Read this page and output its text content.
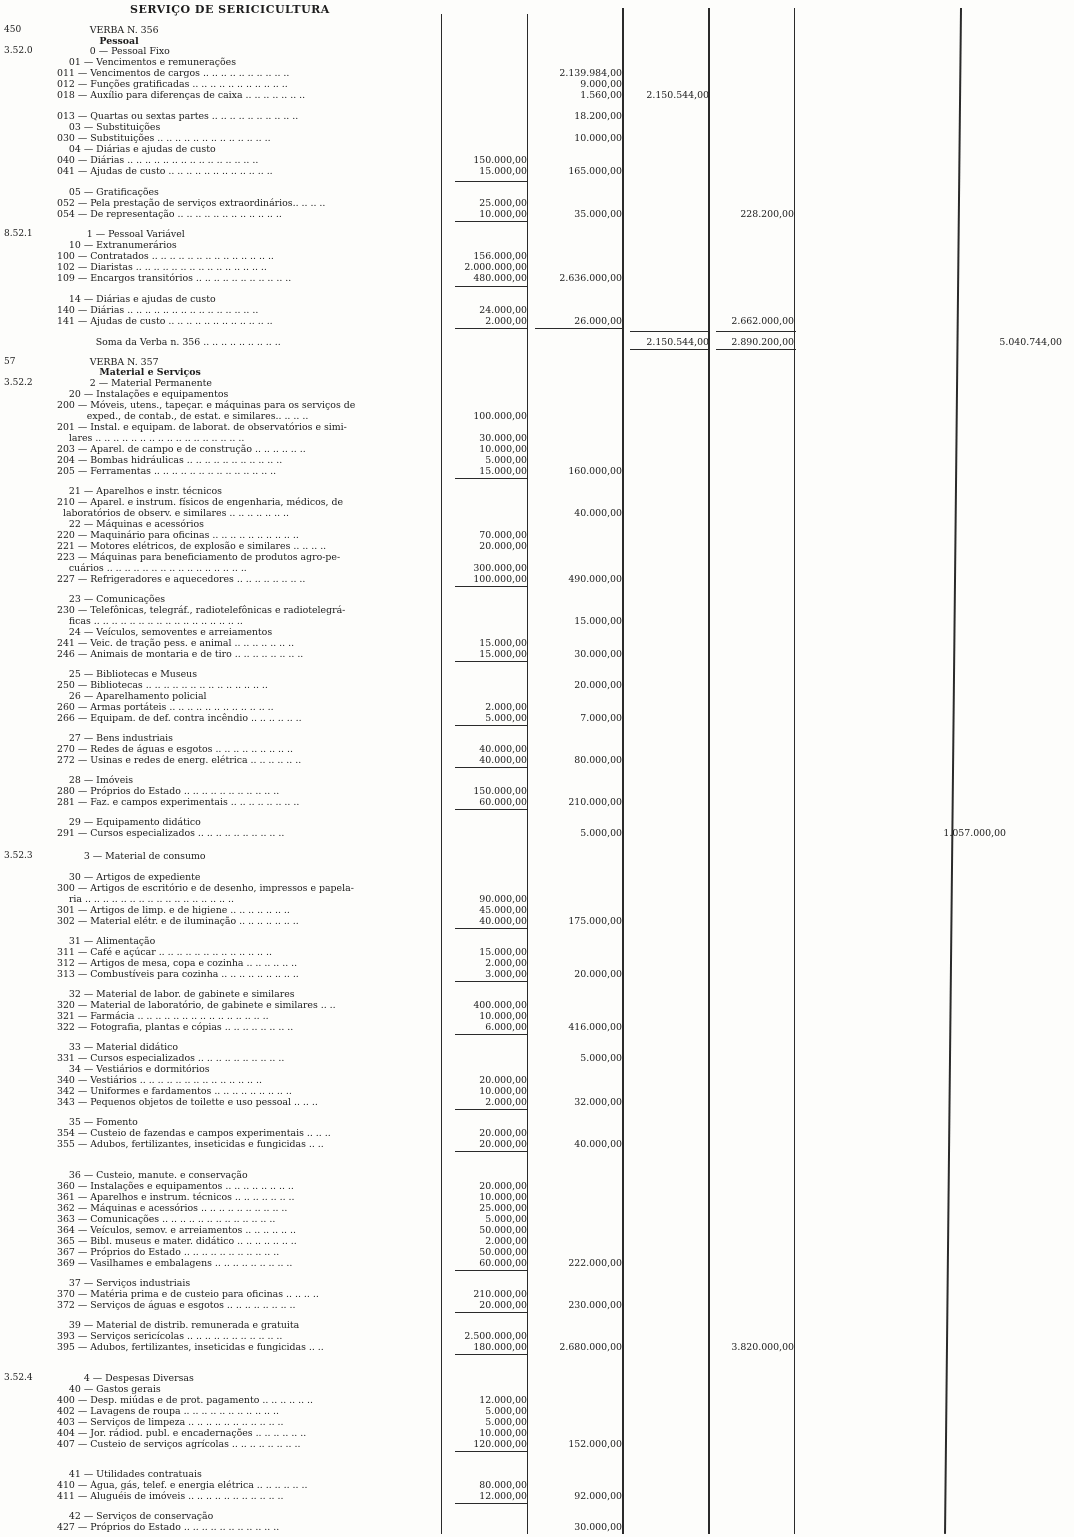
SERVIÇO DE SERICICULTURA
450	VERBA N. 356
Pessoal
3.52.0	0 — Pessoal Fixo
01 — Vencimentos e remunerações
011 — Vencimentos de cargos .. .. .. .. .. .. .. .. .. ..	2.139.984,00
012 — Funções gratificadas .. .. .. .. .. .. .. .. .. .. ..	9.000,00
018 — Auxílio para diferenças de caixa .. .. .. .. .. .. ..	1.560,00	2.150.544,00
013 — Quartas ou sextas partes .. .. .. .. .. .. .. .. .. ..	18.200,00
03 — Substituições
030 — Substituições .. .. .. .. .. .. .. .. .. .. .. .. ..	10.000,00
04 — Diárias e ajudas de custo
040 — Diárias .. .. .. .. .. .. .. .. .. .. .. .. .. .. ..	150.000,00
041 — Ajudas de custo .. .. .. .. .. .. .. .. .. .. .. ..	15.000,00	165.000,00
05 — Gratificações
052 — Pela prestação de serviços extraordinários.. .. .. ..	25.000,00
054 — De representação .. .. .. .. .. .. .. .. .. .. .. ..	10.000,00	35.000,00	228.200,00
8.52.1	1 — Pessoal Variável
10 — Extranumerários
100 — Contratados .. .. .. .. .. .. .. .. .. .. .. .. .. ..	156.000,00
102 — Diaristas .. .. .. .. .. .. .. .. .. .. .. .. .. .. ..	2.000.000,00
109 — Encargos transitórios .. .. .. .. .. .. .. .. .. .. ..	480.000,00	2.636.000,00
14 — Diárias e ajudas de custo
140 — Diárias .. .. .. .. .. .. .. .. .. .. .. .. .. .. ..	24.000,00
141 — Ajudas de custo .. .. .. .. .. .. .. .. .. .. .. ..	2.000,00	26.000,00	2.662.000,00
Soma da Verba n. 356 .. .. .. .. .. .. .. .. ..	2.150.544,00	2.890.200,00	5.040.744,00
57	VERBA N. 357
Material e Serviços
3.52.2	2 — Material Permanente
20 — Instalações e equipamentos
200 — Móveis, utens., tapeçar. e máquinas para os serviços de
exped., de contab., de estat. e similares.. .. .. ..	100.000,00
201 — Instal. e equipam. de laborat. de observatórios e simi-
lares .. .. .. .. .. .. .. .. .. .. .. .. .. .. .. .. ..	30.000,00
203 — Aparel. de campo e de construção .. .. .. .. .. ..	10.000,00
204 — Bombas hidráulicas .. .. .. .. .. .. .. .. .. .. ..	5.000,00
205 — Ferramentas .. .. .. .. .. .. .. .. .. .. .. .. .. ..	15.000,00	160.000,00
21 — Aparelhos e instr. técnicos
210 — Aparel. e instrum. físicos de engenharia, médicos, de
laboratórios de observ. e similares .. .. .. .. .. .. ..	40.000,00
22 — Máquinas e acessórios
220 — Maquinário para oficinas .. .. .. .. .. .. .. .. .. ..	70.000,00
221 — Motores elétricos, de explosão e similares .. .. .. ..	20.000,00
223 — Máquinas para beneficiamento de produtos agro-pe-
cuários .. .. .. .. .. .. .. .. .. .. .. .. .. .. .. ..	300.000,00
227 — Refrigeradores e aquecedores .. .. .. .. .. .. .. ..	100.000,00	490.000,00
23 — Comunicações
230 — Telefônicas, telegráf., radiotelefônicas e radiotelegrá-
ficas .. .. .. .. .. .. .. .. .. .. .. .. .. .. .. .. ..	15.000,00
24 — Veículos, semoventes e arreiamentos
241 — Veic. de tração pess. e animal .. .. .. .. .. .. ..	15.000,00
246 — Animais de montaria e de tiro .. .. .. .. .. .. .. ..	15.000,00	30.000,00
25 — Bibliotecas e Museus
250 — Bibliotecas .. .. .. .. .. .. .. .. .. .. .. .. .. ..	20.000,00
26 — Aparelhamento policial
260 — Armas portáteis .. .. .. .. .. .. .. .. .. .. .. ..	2.000,00
266 — Equipam. de def. contra incêndio .. .. .. .. .. ..	5.000,00	7.000,00
27 — Bens industriais
270 — Redes de águas e esgotos .. .. .. .. .. .. .. .. ..	40.000,00
272 — Usinas e redes de energ. elétrica .. .. .. .. .. ..	40.000,00	80.000,00
28 — Imóveis
280 — Próprios do Estado .. .. .. .. .. .. .. .. .. .. ..	150.000,00
281 — Faz. e campos experimentais .. .. .. .. .. .. .. ..	60.000,00	210.000,00
29 — Equipamento didático
291 — Cursos especializados .. .. .. .. .. .. .. .. .. ..	5.000,00	1.057.000,00
3.52.3	3 — Material de consumo
30 — Artigos de expediente
300 — Artigos de escritório e de desenho, impressos e papela-
ria .. .. .. .. .. .. .. .. .. .. .. .. .. .. .. .. ..	90.000,00
301 — Artigos de limp. e de higiene .. .. .. .. .. .. ..	45.000,00
302 — Material elétr. e de iluminação .. .. .. .. .. .. ..	40.000,00	175.000,00
31 — Alimentação
311 — Café e açúcar .. .. .. .. .. .. .. .. .. .. .. .. ..	15.000,00
312 — Artigos de mesa, copa e cozinha .. .. .. .. .. ..	2.000,00
313 — Combustíveis para cozinha .. .. .. .. .. .. .. .. ..	3.000,00	20.000,00
32 — Material de labor. de gabinete e similares
320 — Material de laboratório, de gabinete e similares .. ..	400.000,00
321 — Farmácia .. .. .. .. .. .. .. .. .. .. .. .. .. .. ..	10.000,00
322 — Fotografia, plantas e cópias .. .. .. .. .. .. .. ..	6.000,00	416.000,00
33 — Material didático
331 — Cursos especializados .. .. .. .. .. .. .. .. .. ..	5.000,00
34 — Vestiários e dormitórios
340 — Vestiários .. .. .. .. .. .. .. .. .. .. .. .. .. ..	20.000,00
342 — Uniformes e fardamentos .. .. .. .. .. .. .. .. ..	10.000,00
343 — Pequenos objetos de toilette e uso pessoal .. .. ..	2.000,00	32.000,00
35 — Fomento
354 — Custeio de fazendas e campos experimentais .. .. ..	20.000,00
355 — Adubos, fertilizantes, inseticidas e fungicidas .. ..	20.000,00	40.000,00
36 — Custeio, manute. e conservação
360 — Instalações e equipamentos .. .. .. .. .. .. .. ..	20.000,00
361 — Aparelhos e instrum. técnicos .. .. .. .. .. .. ..	10.000,00
362 — Máquinas e acessórios .. .. .. .. .. .. .. .. .. ..	25.000,00
363 — Comunicações .. .. .. .. .. .. .. .. .. .. .. .. ..	5.000,00
364 — Veículos, semov. e arreiamentos .. .. .. .. .. ..	50.000,00
365 — Bibl. museus e mater. didático .. .. .. .. .. .. ..	2.000,00
367 — Próprios do Estado .. .. .. .. .. .. .. .. .. .. ..	50.000,00
369 — Vasilhames e embalagens .. .. .. .. .. .. .. .. ..	60.000,00	222.000,00
37 — Serviços industriais
370 — Matéria prima e de custeio para oficinas .. .. .. ..	210.000,00
372 — Serviços de águas e esgotos .. .. .. .. .. .. .. ..	20.000,00	230.000,00
39 — Material de distrib. remunerada e gratuita
393 — Serviços sericícolas .. .. .. .. .. .. .. .. .. .. ..	2.500.000,00
395 — Adubos, fertilizantes, inseticidas e fungicidas .. ..	180.000,00	2.680.000,00	3.820.000,00
3.52.4	4 — Despesas Diversas
40 — Gastos gerais
400 — Desp. miúdas e de prot. pagamento .. .. .. .. .. ..	12.000,00
402 — Lavagens de roupa .. .. .. .. .. .. .. .. .. .. ..	5.000,00
403 — Serviços de limpeza .. .. .. .. .. .. .. .. .. .. ..	5.000,00
404 — Jor. rádiod. publ. e encadernações .. .. .. .. .. ..	10.000,00
407 — Custeio de serviços agrícolas .. .. .. .. .. .. .. ..	120.000,00	152.000,00
41 — Utilidades contratuais
410 — Água, gás, telef. e energia elétrica .. .. .. .. .. ..	80.000,00
411 — Aluguéis de imóveis .. .. .. .. .. .. .. .. .. .. ..	12.000,00	92.000,00
42 — Serviços de conservação
427 — Próprios do Estado .. .. .. .. .. .. .. .. .. .. ..	30.000,00
